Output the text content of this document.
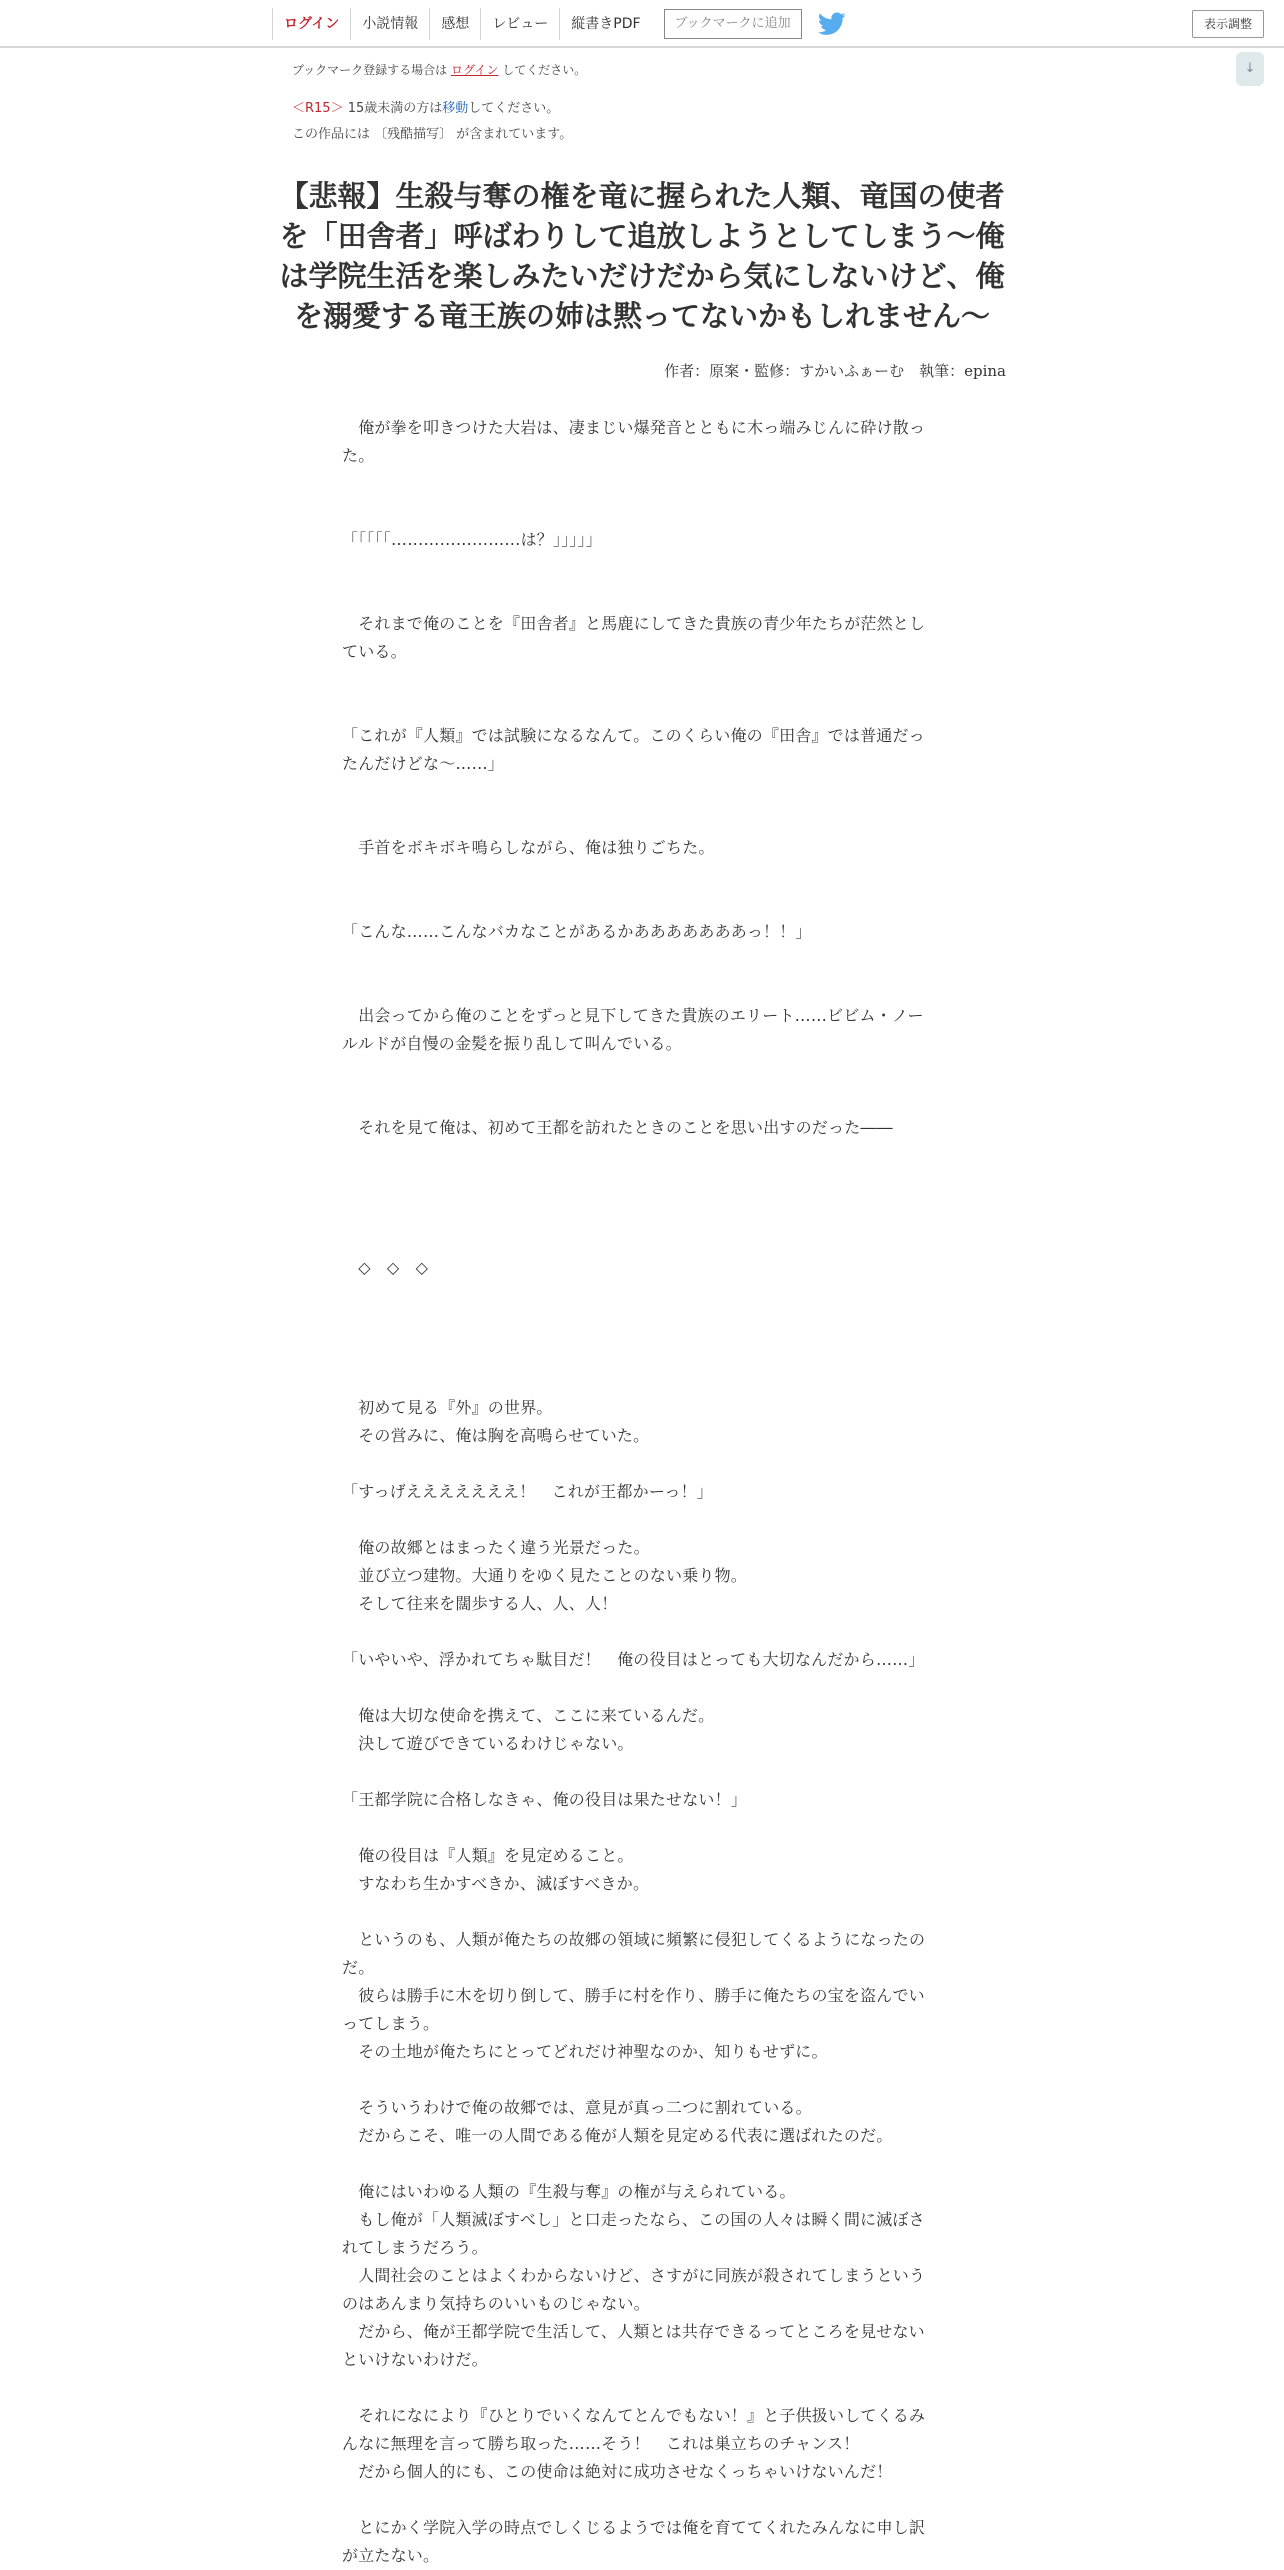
ログイン	小説情報	感想	レビュー	縦書きPDF	ブックマークに追加	表示調整
↓
ブックマーク登録する場合は ログイン してください。
＜R15＞ 15歳未満の方は移動してください。
この作品には 〔残酷描写〕 が含まれています。
【悲報】生殺与奪の権を竜に握られた人類、竜国の使者を「田舎者」呼ばわりして追放しようとしてしまう～俺は学院生活を楽しみたいだけだから気にしないけど、俺を溺愛する竜王族の姉は黙ってないかもしれません〜
作者：原案・監修：すかいふぁーむ　執筆：epina

　俺が拳を叩きつけた大岩は、凄まじい爆発音とともに木っ端みじんに砕け散った。

「「「「「……………………は？」」」」」

　それまで俺のことを『田舎者』と馬鹿にしてきた貴族の青少年たちが茫然としている。

「これが『人類』では試験になるなんて。このくらい俺の『田舎』では普通だったんだけどな～……」

　手首をボキボキ鳴らしながら、俺は独りごちた。

「こんな……こんなバカなことがあるかあああああああっ！！」

　出会ってから俺のことをずっと見下してきた貴族のエリート……ビビム・ノールルドが自慢の金髪を振り乱して叫んでいる。

　それを見て俺は、初めて王都を訪れたときのことを思い出すのだった――

　◇　◇　◇

　初めて見る『外』の世界。

　その営みに、俺は胸を高鳴らせていた。

「すっげえええええええ！　これが王都かーっ！」

　俺の故郷とはまったく違う光景だった。

　並び立つ建物。大通りをゆく見たことのない乗り物。

　そして往来を闊歩する人、人、人！

「いやいや、浮かれてちゃ駄目だ！　俺の役目はとっても大切なんだから……」

　俺は大切な使命を携えて、ここに来ているんだ。

　決して遊びできているわけじゃない。

「王都学院に合格しなきゃ、俺の役目は果たせない！」

　俺の役目は『人類』を見定めること。

　すなわち生かすべきか、滅ぼすべきか。

　というのも、人類が俺たちの故郷の領域に頻繁に侵犯してくるようになったのだ。

　彼らは勝手に木を切り倒して、勝手に村を作り、勝手に俺たちの宝を盗んでいってしまう。

　その土地が俺たちにとってどれだけ神聖なのか、知りもせずに。

　そういうわけで俺の故郷では、意見が真っ二つに割れている。

　だからこそ、唯一の人間である俺が人類を見定める代表に選ばれたのだ。

　俺にはいわゆる人類の『生殺与奪』の権が与えられている。

　もし俺が「人類滅ぼすべし」と口走ったなら、この国の人々は瞬く間に滅ぼされてしまうだろう。

　人間社会のことはよくわからないけど、さすがに同族が殺されてしまうというのはあんまり気持ちのいいものじゃない。

　だから、俺が王都学院で生活して、人類とは共存できるってところを見せないといけないわけだ。

　それになにより『ひとりでいくなんてとんでもない！』と子供扱いしてくるみんなに無理を言って勝ち取った……そう！　これは巣立ちのチャンス！

　だから個人的にも、この使命は絶対に成功させなくっちゃいけないんだ！

　とにかく学院入学の時点でしくじるようでは俺を育ててくれたみんなに申し訳が立たない。
